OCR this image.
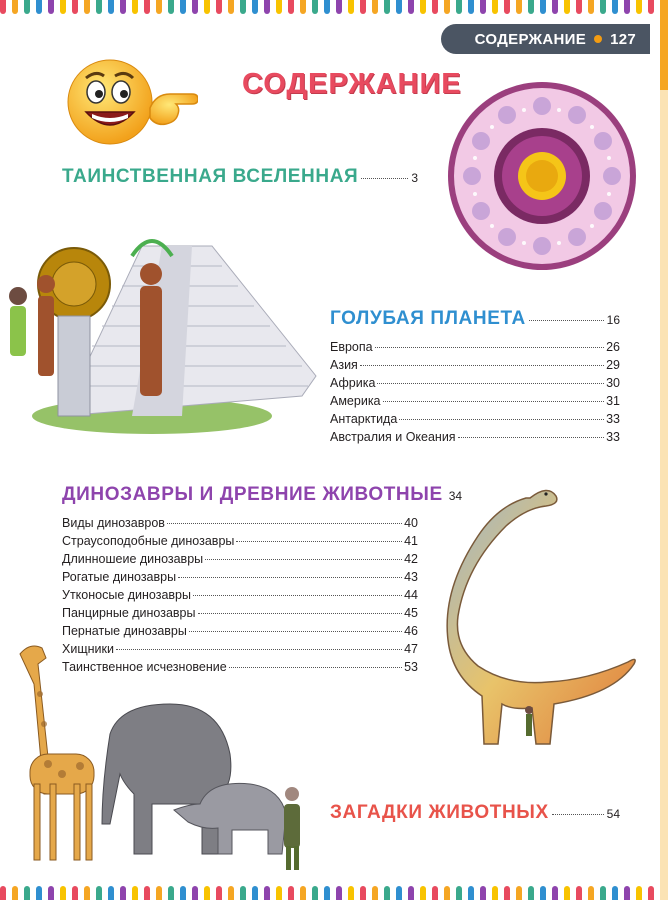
СОДЕРЖАНИЕ 127
СОДЕРЖАНИЕ
ТАИНСТВЕННАЯ ВСЕЛЕННАЯ	3
ГОЛУБАЯ ПЛАНЕТА	16
Европа	26
Азия	29
Африка	30
Америка	31
Антарктида	33
Австралия и Океания	33
ДИНОЗАВРЫ И ДРЕВНИЕ ЖИВОТНЫЕ 34
Виды динозавров	40
Страусоподобные динозавры	41
Длинношеие динозавры	42
Рогатые динозавры	43
Утконосые динозавры	44
Панцирные динозавры	45
Пернатые динозавры	46
Хищники	47
Таинственное исчезновение	53
ЗАГАДКИ ЖИВОТНЫХ	54
